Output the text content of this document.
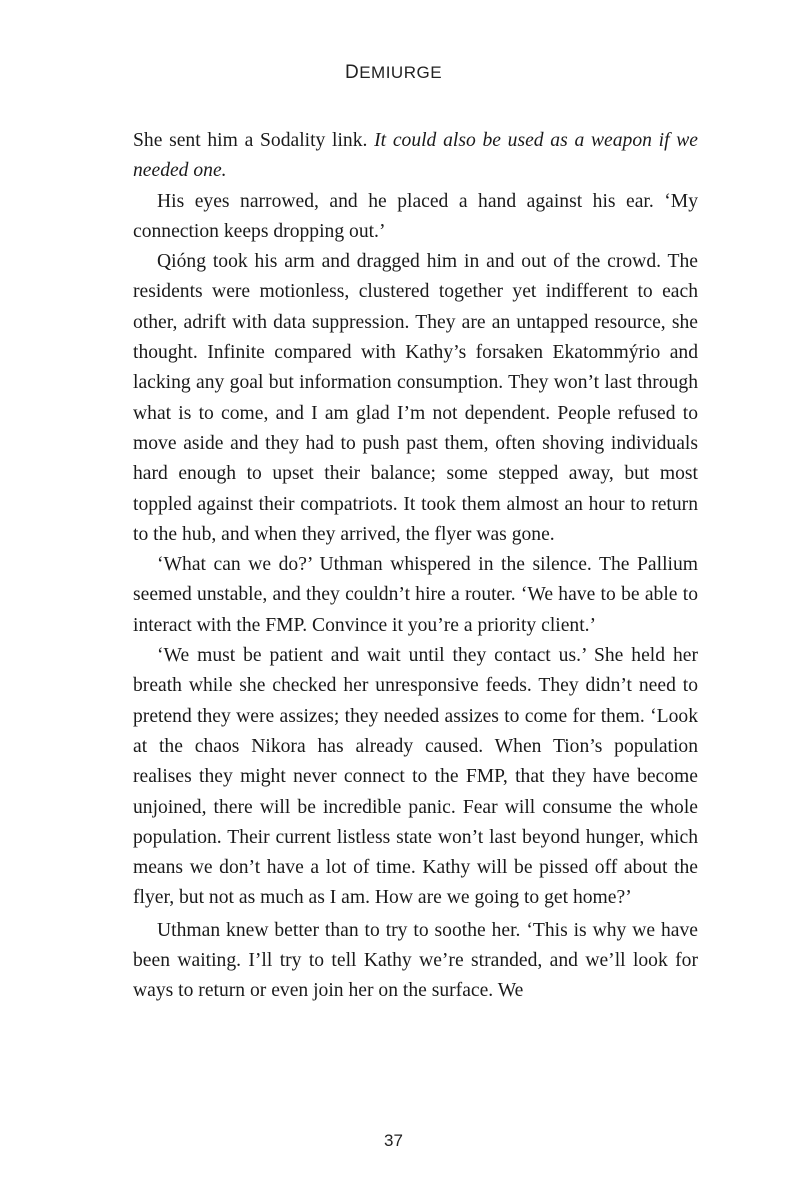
DEMIURGE

She sent him a Sodality link. It could also be used as a weapon if we needed one.

His eyes narrowed, and he placed a hand against his ear. ‘My connection keeps dropping out.’

Qióng took his arm and dragged him in and out of the crowd. The residents were motionless, clustered together yet indifferent to each other, adrift with data suppression. They are an untapped resource, she thought. Infinite compared with Kathy’s forsaken Ekatommýrio and lacking any goal but information consumption. They won’t last through what is to come, and I am glad I’m not dependent. People refused to move aside and they had to push past them, often shoving individuals hard enough to upset their balance; some stepped away, but most toppled against their compatriots. It took them almost an hour to return to the hub, and when they arrived, the flyer was gone.

‘What can we do?’ Uthman whispered in the silence. The Pallium seemed unstable, and they couldn’t hire a router. ‘We have to be able to interact with the FMP. Convince it you’re a priority client.’

‘We must be patient and wait until they contact us.’ She held her breath while she checked her unresponsive feeds. They didn’t need to pretend they were assizes; they needed assizes to come for them. ‘Look at the chaos Nikora has already caused. When Tion’s population realises they might never connect to the FMP, that they have become unjoined, there will be incredible panic. Fear will consume the whole population. Their current listless state won’t last beyond hunger, which means we don’t have a lot of time. Kathy will be pissed off about the flyer, but not as much as I am. How are we going to get home?’

Uthman knew better than to try to soothe her. ‘This is why we have been waiting. I’ll try to tell Kathy we’re stranded, and we’ll look for ways to return or even join her on the surface. We

37
